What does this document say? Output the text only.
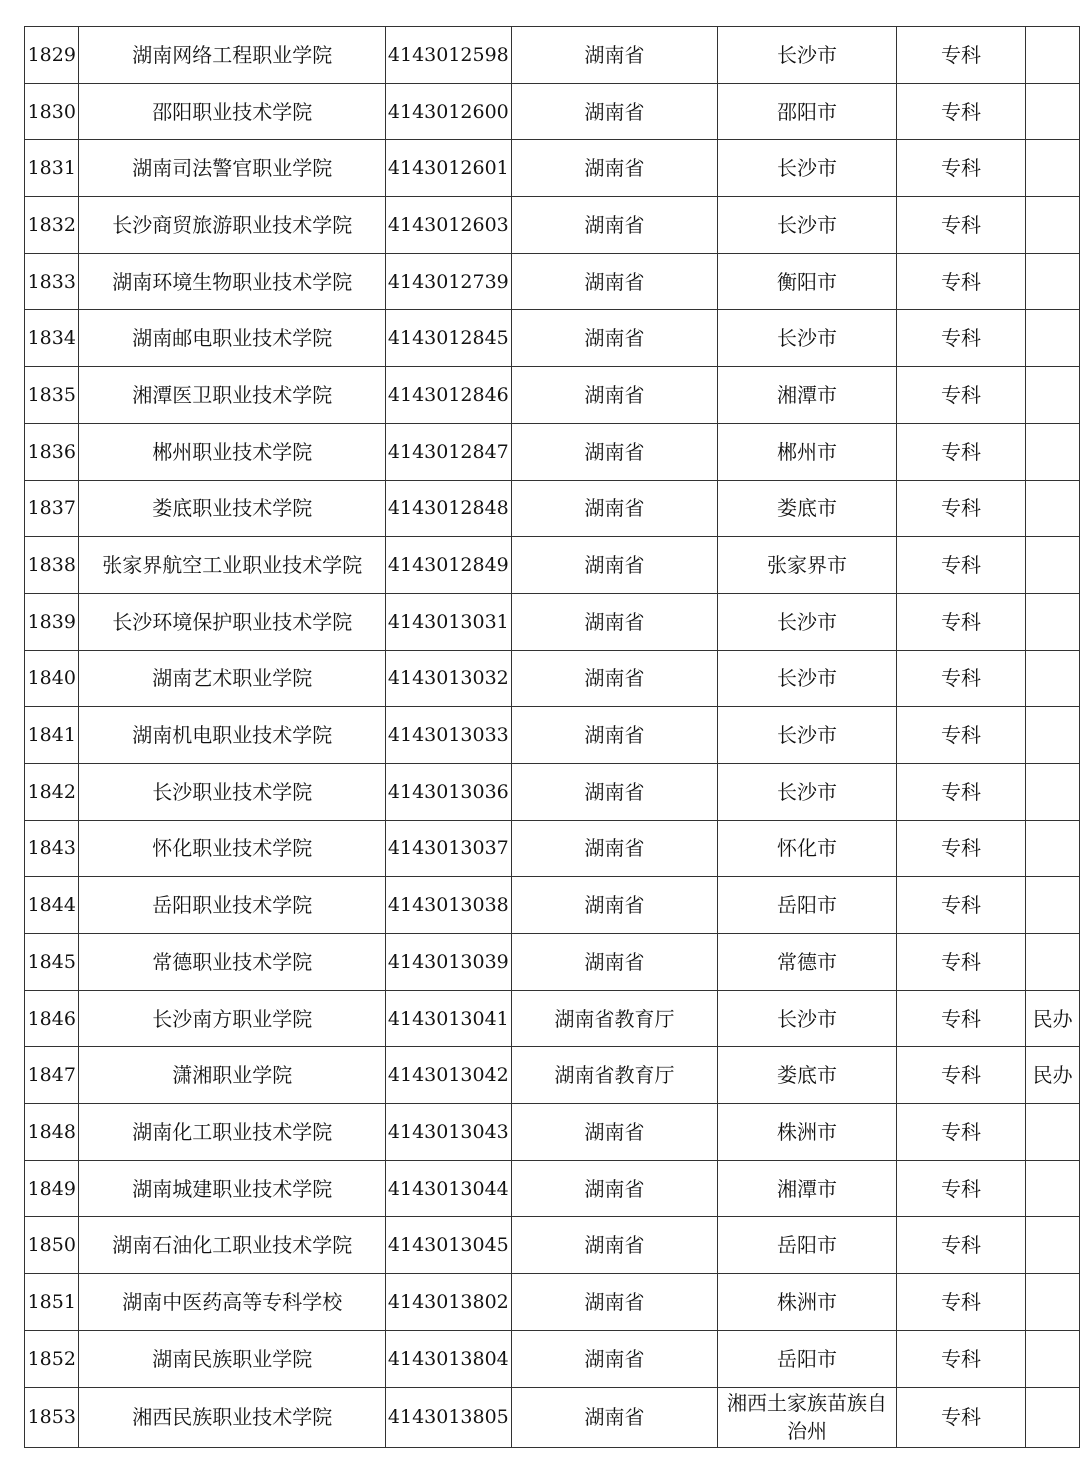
1829	湖南网络工程职业学院	4143012598	湖南省	长沙市	专科	
1830	邵阳职业技术学院	4143012600	湖南省	邵阳市	专科	
1831	湖南司法警官职业学院	4143012601	湖南省	长沙市	专科	
1832	长沙商贸旅游职业技术学院	4143012603	湖南省	长沙市	专科	
1833	湖南环境生物职业技术学院	4143012739	湖南省	衡阳市	专科	
1834	湖南邮电职业技术学院	4143012845	湖南省	长沙市	专科	
1835	湘潭医卫职业技术学院	4143012846	湖南省	湘潭市	专科	
1836	郴州职业技术学院	4143012847	湖南省	郴州市	专科	
1837	娄底职业技术学院	4143012848	湖南省	娄底市	专科	
1838	张家界航空工业职业技术学院	4143012849	湖南省	张家界市	专科	
1839	长沙环境保护职业技术学院	4143013031	湖南省	长沙市	专科	
1840	湖南艺术职业学院	4143013032	湖南省	长沙市	专科	
1841	湖南机电职业技术学院	4143013033	湖南省	长沙市	专科	
1842	长沙职业技术学院	4143013036	湖南省	长沙市	专科	
1843	怀化职业技术学院	4143013037	湖南省	怀化市	专科	
1844	岳阳职业技术学院	4143013038	湖南省	岳阳市	专科	
1845	常德职业技术学院	4143013039	湖南省	常德市	专科	
1846	长沙南方职业学院	4143013041	湖南省教育厅	长沙市	专科	民办
1847	潇湘职业学院	4143013042	湖南省教育厅	娄底市	专科	民办
1848	湖南化工职业技术学院	4143013043	湖南省	株洲市	专科	
1849	湖南城建职业技术学院	4143013044	湖南省	湘潭市	专科	
1850	湖南石油化工职业技术学院	4143013045	湖南省	岳阳市	专科	
1851	湖南中医药高等专科学校	4143013802	湖南省	株洲市	专科	
1852	湖南民族职业学院	4143013804	湖南省	岳阳市	专科	
1853	湘西民族职业技术学院	4143013805	湖南省	湘西土家族苗族自治州	专科	
